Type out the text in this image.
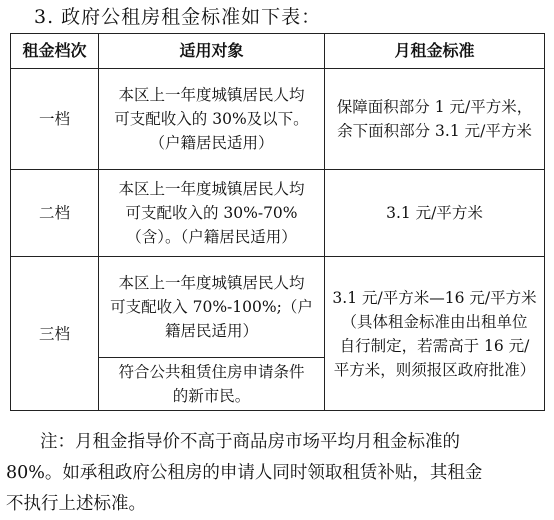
3. 政府公租房租金标准如下表：
租金档次	适用对象	月租金标准
一档	本区上一年度城镇居民人均
可支配收入的 30%及以下。
（户籍居民适用）	保障面积部分 1 元/平方米，
余下面积部分 3.1 元/平方米

二档	本区上一年度城镇居民人均
可支配收入的 30%-70%
（含）。（户籍居民适用）	3.1 元/平方米

三档	本区上一年度城镇居民人均
可支配收入 70%-100%;（户
籍居民适用）	3.1 元/平方米—16 元/平方米
（具体租金标准由出租单位
自行制定，若需高于 16 元/
平方米，则须报区政府批准）

	符合公共租赁住房申请条件
的新市民。	
注：月租金指导价不高于商品房市场平均月租金标准的
80%。如承租政府公租房的申请人同时领取租赁补贴，其租金
不执行上述标准。
